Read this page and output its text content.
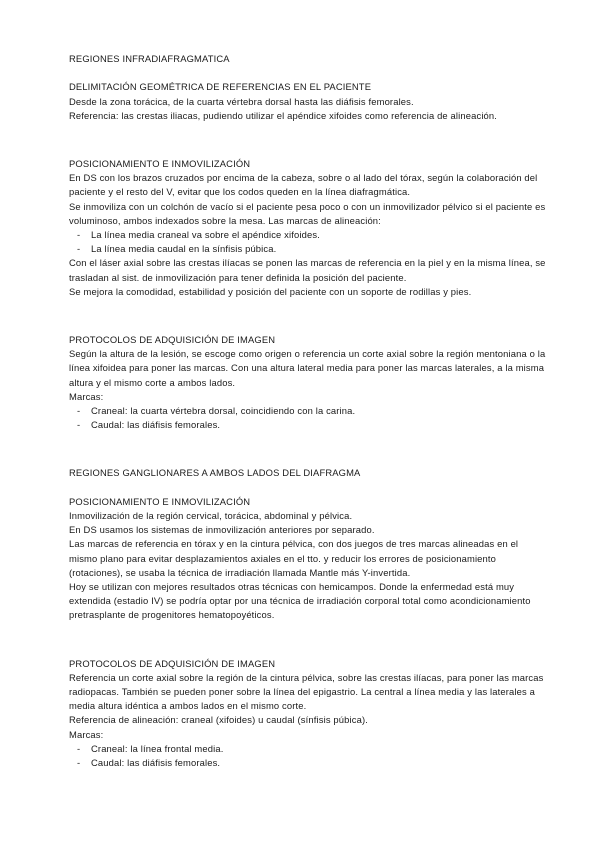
REGIONES INFRADIAFRAGMATICA
DELIMITACIÓN GEOMÉTRICA DE REFERENCIAS EN EL PACIENTE

Desde la zona torácica, de la cuarta vértebra dorsal hasta las diáfisis femorales.

Referencia: las crestas iliacas, pudiendo utilizar el apéndice xifoides como referencia de alineación.

POSICIONAMIENTO E INMOVILIZACIÓN

En DS con los brazos cruzados por encima de la cabeza, sobre o al lado del tórax, según la colaboración del paciente y el resto del V, evitar que los codos queden en la línea diafragmática.

Se inmoviliza con un colchón de vacío si el paciente pesa poco o con un inmovilizador pélvico si el paciente es voluminoso, ambos indexados sobre la mesa. Las marcas de alineación:

- La línea media craneal va sobre el apéndice xifoides.
- La línea media caudal en la sínfisis púbica.

Con el láser axial sobre las crestas ilíacas se ponen las marcas de referencia en la piel y en la misma línea, se trasladan al sist. de inmovilización para tener definida la posición del paciente.

Se mejora la comodidad, estabilidad y posición del paciente con un soporte de rodillas y pies.

PROTOCOLOS DE ADQUISICIÓN DE IMAGEN

Según la altura de la lesión, se escoge como origen o referencia un corte axial sobre la región mentoniana o la línea xifoidea para poner las marcas. Con una altura lateral media para poner las marcas laterales, a la misma altura y el mismo corte a ambos lados.

Marcas:

- Craneal: la cuarta vértebra dorsal, coincidiendo con la carina.
- Caudal: las diáfisis femorales.
REGIONES GANGLIONARES A AMBOS LADOS DEL DIAFRAGMA
POSICIONAMIENTO E INMOVILIZACIÓN

Inmovilización de la región cervical, torácica, abdominal y pélvica.

En DS usamos los sistemas de inmovilización anteriores por separado.

Las marcas de referencia en tórax y en la cintura pélvica, con dos juegos de tres marcas alineadas en el mismo plano para evitar desplazamientos axiales en el tto. y reducir los errores de posicionamiento (rotaciones), se usaba la técnica de irradiación llamada Mantle más Y-invertida.

Hoy se utilizan con mejores resultados otras técnicas con hemicampos. Donde la enfermedad está muy extendida (estadio IV) se podría optar por una técnica de irradiación corporal total como acondicionamiento pretrasplante de progenitores hematopoyéticos.

PROTOCOLOS DE ADQUISICIÓN DE IMAGEN

Referencia un corte axial sobre la región de la cintura pélvica, sobre las crestas ilíacas, para poner las marcas radiopacas. También se pueden poner sobre la línea del epigastrio. La central a línea media y las laterales a media altura idéntica a ambos lados en el mismo corte.

Referencia de alineación: craneal (xifoides) u caudal (sínfisis púbica).

Marcas:

- Craneal: la línea frontal media.
- Caudal: las diáfisis femorales.
